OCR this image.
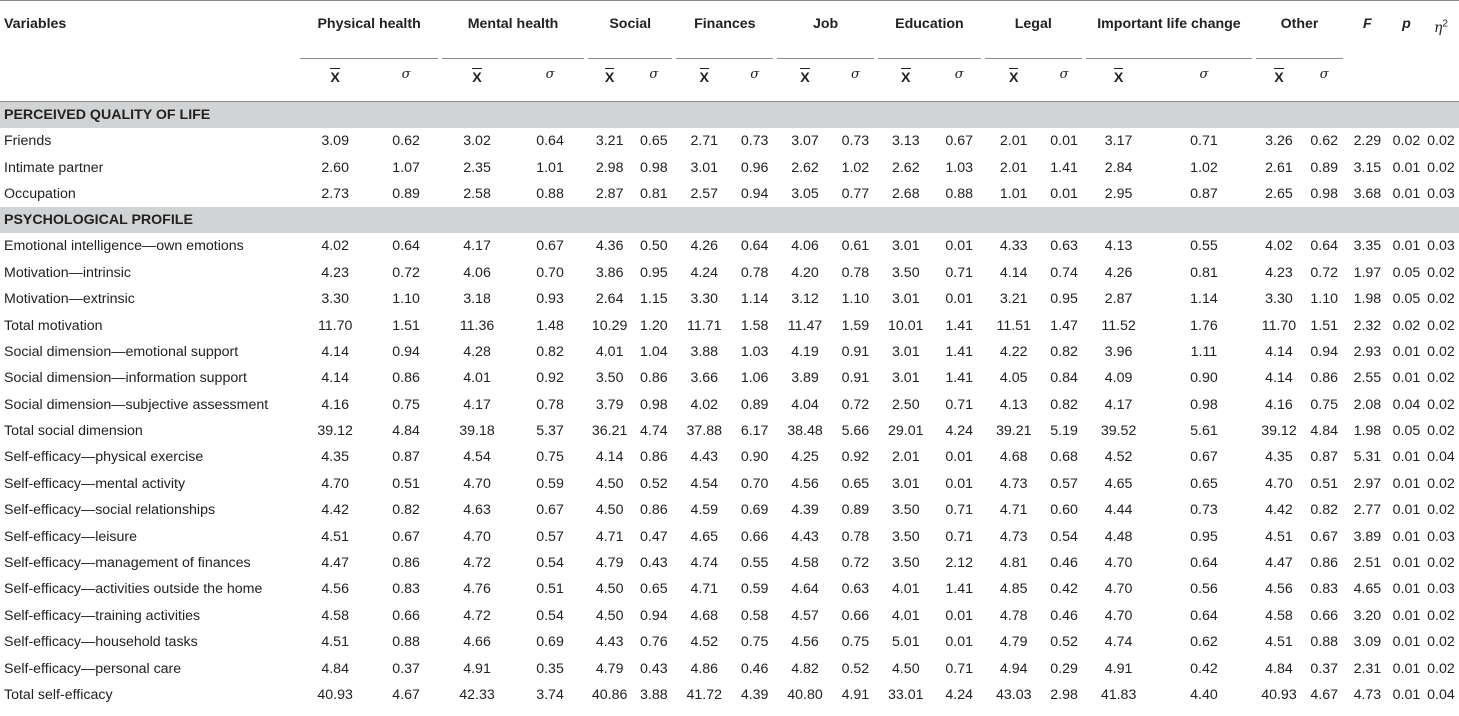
Variables	Physical health		Mental health		Social		Finances		Job		Education		Legal		Important life change		Other		F	p	$\eta^2$
	X	σ	X	σ	X	σ	X	σ	X	σ	X	σ	X	σ	X	σ	X	σ			
PERCEIVED QUALITY OF LIFE																					
Friends	3.09	0.62	3.02	0.64	3.21	0.65	2.71	0.73	3.07	0.73	3.13	0.67	2.01	0.01	3.17	0.71	3.26	0.62	2.29	0.02	0.02
Intimate partner	2.60	1.07	2.35	1.01	2.98	0.98	3.01	0.96	2.62	1.02	2.62	1.03	2.01	1.41	2.84	1.02	2.61	0.89	3.15	0.01	0.02
Occupation	2.73	0.89	2.58	0.88	2.87	0.81	2.57	0.94	3.05	0.77	2.68	0.88	1.01	0.01	2.95	0.87	2.65	0.98	3.68	0.01	0.03
PSYCHOLOGICAL PROFILE																					
Emotional intelligence—own emotions	4.02	0.64	4.17	0.67	4.36	0.50	4.26	0.64	4.06	0.61	3.01	0.01	4.33	0.63	4.13	0.55	4.02	0.64	3.35	0.01	0.03
Motivation—intrinsic	4.23	0.72	4.06	0.70	3.86	0.95	4.24	0.78	4.20	0.78	3.50	0.71	4.14	0.74	4.26	0.81	4.23	0.72	1.97	0.05	0.02
Motivation—extrinsic	3.30	1.10	3.18	0.93	2.64	1.15	3.30	1.14	3.12	1.10	3.01	0.01	3.21	0.95	2.87	1.14	3.30	1.10	1.98	0.05	0.02
Total motivation	11.70	1.51	11.36	1.48	10.29	1.20	11.71	1.58	11.47	1.59	10.01	1.41	11.51	1.47	11.52	1.76	11.70	1.51	2.32	0.02	0.02
Social dimension—emotional support	4.14	0.94	4.28	0.82	4.01	1.04	3.88	1.03	4.19	0.91	3.01	1.41	4.22	0.82	3.96	1.11	4.14	0.94	2.93	0.01	0.02
Social dimension—information support	4.14	0.86	4.01	0.92	3.50	0.86	3.66	1.06	3.89	0.91	3.01	1.41	4.05	0.84	4.09	0.90	4.14	0.86	2.55	0.01	0.02
Social dimension—subjective assessment	4.16	0.75	4.17	0.78	3.79	0.98	4.02	0.89	4.04	0.72	2.50	0.71	4.13	0.82	4.17	0.98	4.16	0.75	2.08	0.04	0.02
Total social dimension	39.12	4.84	39.18	5.37	36.21	4.74	37.88	6.17	38.48	5.66	29.01	4.24	39.21	5.19	39.52	5.61	39.12	4.84	1.98	0.05	0.02
Self-efficacy—physical exercise	4.35	0.87	4.54	0.75	4.14	0.86	4.43	0.90	4.25	0.92	2.01	0.01	4.68	0.68	4.52	0.67	4.35	0.87	5.31	0.01	0.04
Self-efficacy—mental activity	4.70	0.51	4.70	0.59	4.50	0.52	4.54	0.70	4.56	0.65	3.01	0.01	4.73	0.57	4.65	0.65	4.70	0.51	2.97	0.01	0.02
Self-efficacy—social relationships	4.42	0.82	4.63	0.67	4.50	0.86	4.59	0.69	4.39	0.89	3.50	0.71	4.71	0.60	4.44	0.73	4.42	0.82	2.77	0.01	0.02
Self-efficacy—leisure	4.51	0.67	4.70	0.57	4.71	0.47	4.65	0.66	4.43	0.78	3.50	0.71	4.73	0.54	4.48	0.95	4.51	0.67	3.89	0.01	0.03
Self-efficacy—management of finances	4.47	0.86	4.72	0.54	4.79	0.43	4.74	0.55	4.58	0.72	3.50	2.12	4.81	0.46	4.70	0.64	4.47	0.86	2.51	0.01	0.02
Self-efficacy—activities outside the home	4.56	0.83	4.76	0.51	4.50	0.65	4.71	0.59	4.64	0.63	4.01	1.41	4.85	0.42	4.70	0.56	4.56	0.83	4.65	0.01	0.03
Self-efficacy—training activities	4.58	0.66	4.72	0.54	4.50	0.94	4.68	0.58	4.57	0.66	4.01	0.01	4.78	0.46	4.70	0.64	4.58	0.66	3.20	0.01	0.02
Self-efficacy—household tasks	4.51	0.88	4.66	0.69	4.43	0.76	4.52	0.75	4.56	0.75	5.01	0.01	4.79	0.52	4.74	0.62	4.51	0.88	3.09	0.01	0.02
Self-efficacy—personal care	4.84	0.37	4.91	0.35	4.79	0.43	4.86	0.46	4.82	0.52	4.50	0.71	4.94	0.29	4.91	0.42	4.84	0.37	2.31	0.01	0.02
Total self-efficacy	40.93	4.67	42.33	3.74	40.86	3.88	41.72	4.39	40.80	4.91	33.01	4.24	43.03	2.98	41.83	4.40	40.93	4.67	4.73	0.01	0.04
